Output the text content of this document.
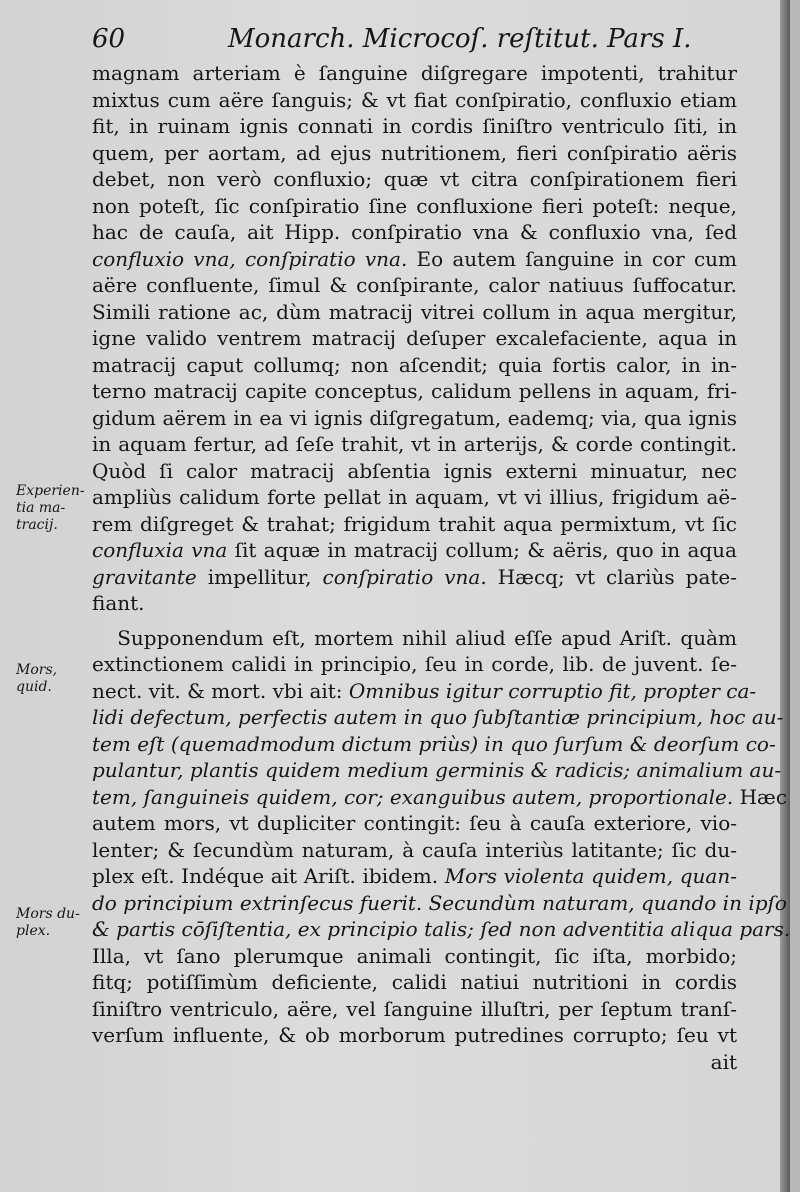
60	Monarch. Microcoſ. reſtitut. Pars I.
Experien-
tia ma-
tracij.
Mors,
quid.
Mors du-
plex.
magnam arteriam è ſanguine diſgregare impotenti, trahitur
mixtus cum aëre ſanguis; & vt fiat conſpiratio, confluxio etiam
fit, in ruinam ignis connati in cordis ſiniſtro ventriculo ſiti, in
quem, per aortam, ad ejus nutritionem, fieri conſpiratio aëris
debet, non verò confluxio; quæ vt citra conſpirationem fieri
non poteſt, ſic conſpiratio ſine confluxione fieri poteſt: neque,
hac de cauſa, ait Hipp. conſpiratio vna & confluxio vna, ſed
confluxio vna, conſpiratio vna. Eo autem ſanguine in cor cum
aëre confluente, ſimul & conſpirante, calor natiuus ſuffocatur.
Simili ratione ac, dùm matracij vitrei collum in aqua mergitur,
igne valido ventrem matracij deſuper excalefaciente, aqua in
matracij caput collumq; non aſcendit; quia fortis calor, in in-
terno matracij capite conceptus, calidum pellens in aquam, fri-
gidum aërem in ea vi ignis diſgregatum, eademq; via, qua ignis
in aquam fertur, ad ſeſe trahit, vt in arterijs, & corde contingit.
Quòd ſi calor matracij abſentia ignis externi minuatur, nec
ampliùs calidum forte pellat in aquam, vt vi illius, frigidum aë-
rem diſgreget & trahat; frigidum trahit aqua permixtum, vt ſic
confluxia vna ſit aquæ in matracij collum; & aëris, quo in aqua
gravitante impellitur, conſpiratio vna. Hæcq; vt clariùs pate-
fiant.
Supponendum eſt, mortem nihil aliud eſſe apud Ariſt. quàm
extinctionem calidi in principio, ſeu in corde, lib. de juvent. ſe-
nect. vit. & mort. vbi ait: Omnibus igitur corruptio fit, propter ca-
lidi defectum, perfectis autem in quo ſubſtantiæ principium, hoc au-
tem eſt (quemadmodum dictum priùs) in quo ſurſum & deorſum co-
pulantur, plantis quidem medium germinis & radicis; animalium au-
tem, ſanguineis quidem, cor; exanguibus autem, proportionale. Hæc
autem mors, vt dupliciter contingit: ſeu à cauſa exteriore, vio-
lenter; & ſecundùm naturam, à cauſa interiùs latitante; ſic du-
plex eſt. Indéque ait Ariſt. ibidem. Mors violenta quidem, quan-
do principium extrinſecus fuerit. Secundùm naturam, quando in ipſo
& partis cōſiſtentia, ex principio talis; ſed non adventitia aliqua pars.
Illa, vt ſano plerumque animali contingit, ſic iſta, morbido;
fitq; potiſſimùm deficiente, calidi natiui nutritioni in cordis
ſiniſtro ventriculo, aëre, vel ſanguine illuſtri, per ſeptum tranſ-
verſum influente, & ob morborum putredines corrupto; ſeu vt
ait
